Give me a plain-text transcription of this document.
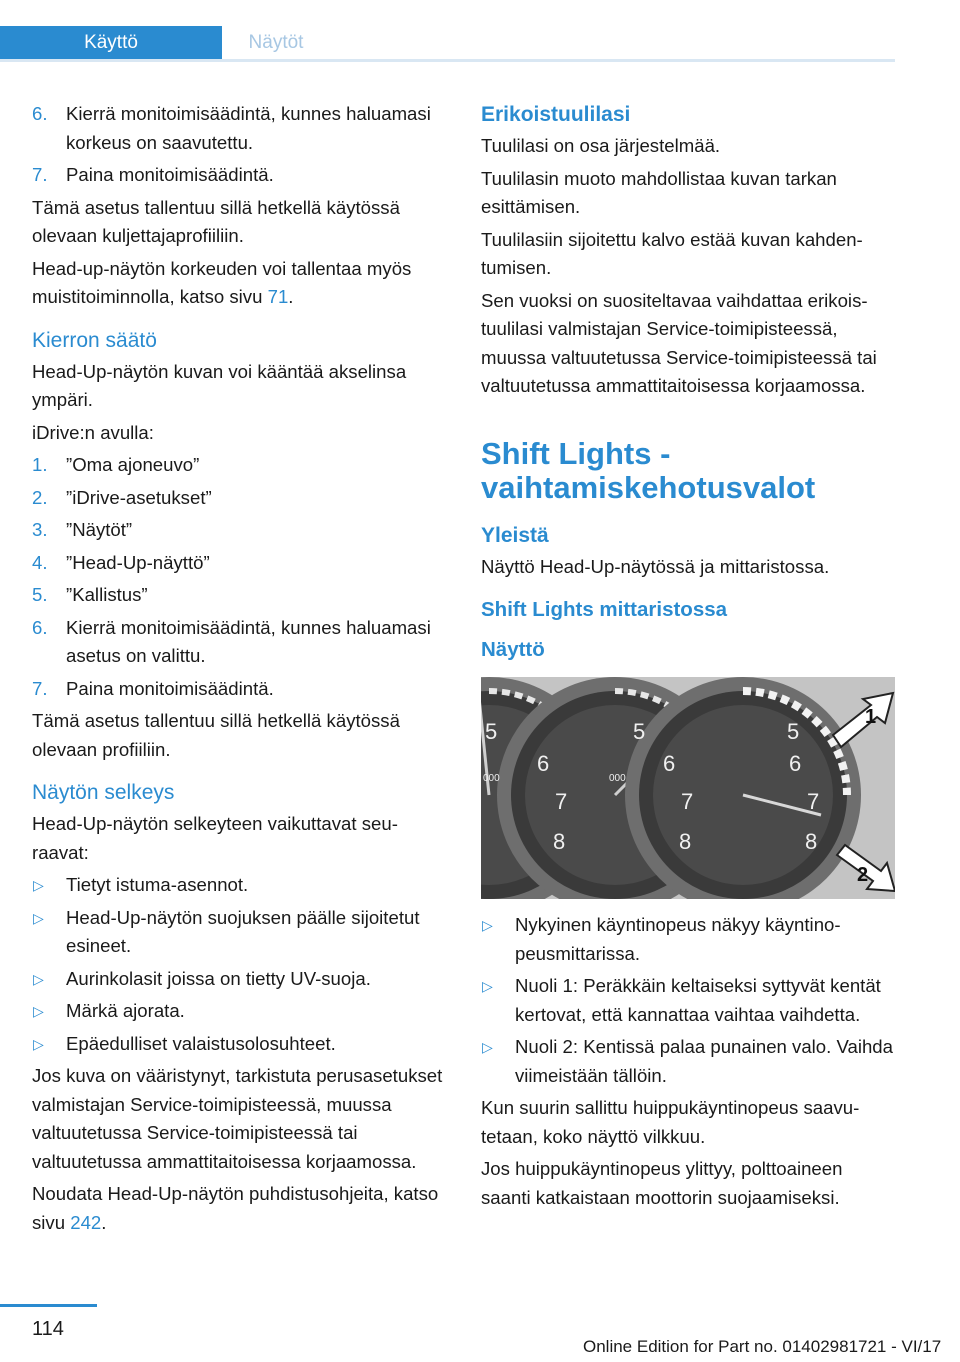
Käyttö	Näytöt
6. Kierrä monitoimisäädintä, kunnes haluamasi korkeus on saavutettu.
7. Paina monitoimisäädintä.

Tämä asetus tallentuu sillä hetkellä käytössä olevaan kuljettajaprofiiliin.

Head-up-näytön korkeuden voi tallentaa myös muistitoiminnolla, katso sivu 71.

Kierron säätö

Head-Up-näytön kuvan voi kääntää akselinsa ympäri.

iDrive:n avulla:

1. ”Oma ajoneuvo”
2. ”iDrive-asetukset”
3. ”Näytöt”
4. ”Head-Up-näyttö”
5. ”Kallistus”
6. Kierrä monitoimisäädintä, kunnes haluamasi asetus on valittu.
7. Paina monitoimisäädintä.

Tämä asetus tallentuu sillä hetkellä käytössä olevaan profiiliin.

Näytön selkeys

Head-Up-näytön selkeyteen vaikuttavat seuraavat:

▷ Tietyt istuma-asennot.
▷ Head-Up-näytön suojuksen päälle sijoitetut esineet.
▷ Aurinkolasit joissa on tietty UV-suoja.
▷ Märkä ajorata.
▷ Epäedulliset valaistusolosuhteet.

Jos kuva on vääristynyt, tarkistuta perusasetukset valmistajan Service-toimipisteessä, muussa valtuutetussa Service-toimipisteessä tai valtuutetussa ammattitaitoisessa korjaamossa.

Noudata Head-Up-näytön puhdistusohjeita, katso sivu 242.

Erikoistuulilasi

Tuulilasi on osa järjestelmää.

Tuulilasin muoto mahdollistaa kuvan tarkan esittämisen.

Tuulilasiin sijoitettu kalvo estää kuvan kahdentumisen.

Sen vuoksi on suositeltavaa vaihdattaa erikoistuulilasi valmistajan Service-toimipisteessä, muussa valtuutetussa Service-toimipisteessä tai valtuutetussa ammattitaitoisessa korjaamossa.

Shift Lights -vaihtamiskehotusvalot
Yleistä

Näyttö Head-Up-näytössä ja mittaristossa.

Shift Lights mittaristossa
Näyttö
5
6
7
8
000
5
6
7
8
000
5
6
7
8
1
2
▷ Nykyinen käyntinopeus näkyy käyntinopeusmittarissa.
▷ Nuoli 1: Peräkkäin keltaiseksi syttyvät kentät kertovat, että kannattaa vaihtaa vaihdetta.
▷ Nuoli 2: Kentissä palaa punainen valo. Vaihda viimeistään tällöin.

Kun suurin sallittu huippukäyntinopeus saavutetaan, koko näyttö vilkkuu.

Jos huippukäyntinopeus ylittyy, polttoaineen saanti katkaistaan moottorin suojaamiseksi.

114
Online Edition for Part no. 01402981721 - VI/17
